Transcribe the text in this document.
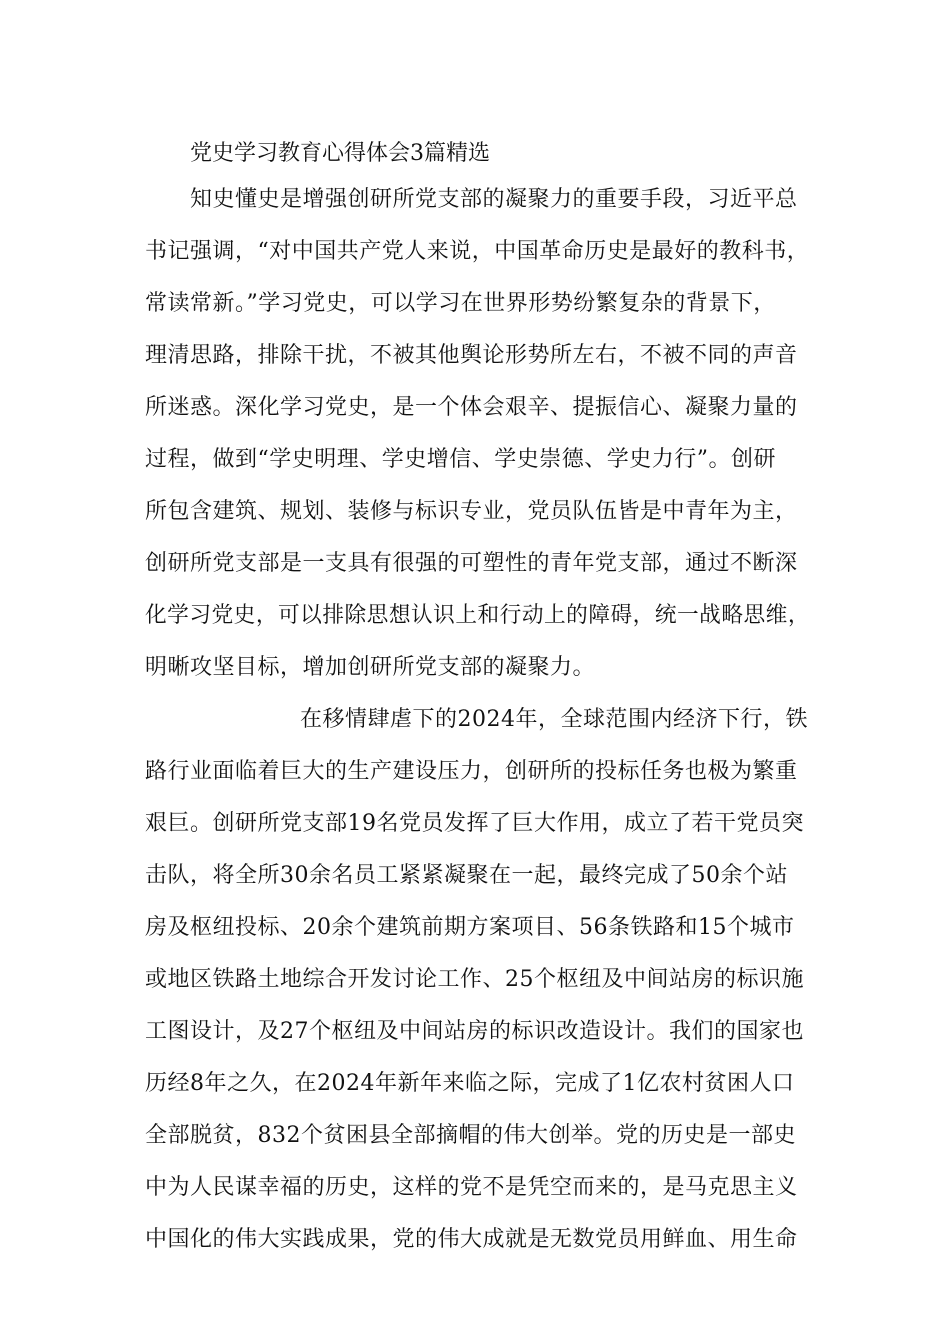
党史学习教育心得体会3篇精选
知史懂史是增强创研所党支部的凝聚力的重要手段，习近平总
书记强调，“对中国共产党人来说，中国革命历史是最好的教科书，
常读常新。”学习党史，可以学习在世界形势纷繁复杂的背景下，
理清思路，排除干扰，不被其他舆论形势所左右，不被不同的声音
所迷惑。深化学习党史，是一个体会艰辛、提振信心、凝聚力量的
过程，做到“学史明理、学史增信、学史崇德、学史力行”。创研
所包含建筑、规划、装修与标识专业，党员队伍皆是中青年为主，
创研所党支部是一支具有很强的可塑性的青年党支部，通过不断深
化学习党史，可以排除思想认识上和行动上的障碍，统一战略思维，
明晰攻坚目标，增加创研所党支部的凝聚力。
在移情肆虐下的2024年，全球范围内经济下行，铁
路行业面临着巨大的生产建设压力，创研所的投标任务也极为繁重
艰巨。创研所党支部19名党员发挥了巨大作用，成立了若干党员突
击队，将全所30余名员工紧紧凝聚在一起，最终完成了50余个站
房及枢纽投标、20余个建筑前期方案项目、56条铁路和15个城市
或地区铁路土地综合开发讨论工作、25个枢纽及中间站房的标识施
工图设计，及27个枢纽及中间站房的标识改造设计。我们的国家也
历经8年之久，在2024年新年来临之际，完成了1亿农村贫困人口
全部脱贫，832个贫困县全部摘帽的伟大创举。党的历史是一部史
中为人民谋幸福的历史，这样的党不是凭空而来的，是马克思主义
中国化的伟大实践成果，党的伟大成就是无数党员用鲜血、用生命
